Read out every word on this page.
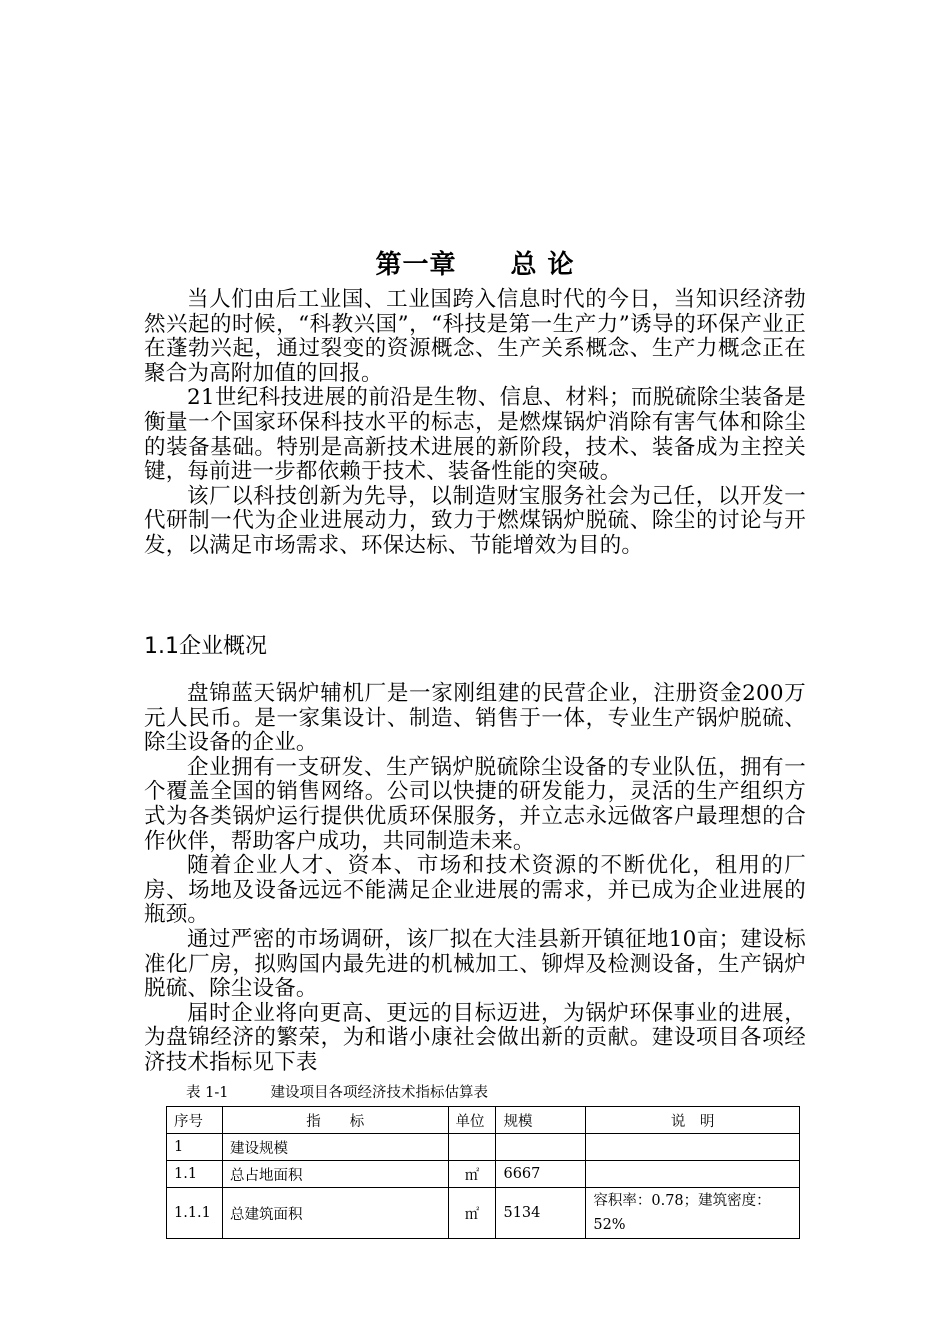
第一章　　总 论

当人们由后工业国、工业国跨入信息时代的今日，当知识经济勃然兴起的时候，“科教兴国”，“科技是第一生产力”诱导的环保产业正在蓬勃兴起，通过裂变的资源概念、生产关系概念、生产力概念正在聚合为高附加值的回报。

21世纪科技进展的前沿是生物、信息、材料；而脱硫除尘装备是衡量一个国家环保科技水平的标志，是燃煤锅炉消除有害气体和除尘的装备基础。特别是高新技术进展的新阶段，技术、装备成为主控关键，每前进一步都依赖于技术、装备性能的突破。

该厂以科技创新为先导，以制造财宝服务社会为己任，以开发一代研制一代为企业进展动力，致力于燃煤锅炉脱硫、除尘的讨论与开发，以满足市场需求、环保达标、节能增效为目的。

1.1企业概况

盘锦蓝天锅炉辅机厂是一家刚组建的民营企业，注册资金200万元人民币。是一家集设计、制造、销售于一体，专业生产锅炉脱硫、除尘设备的企业。

企业拥有一支研发、生产锅炉脱硫除尘设备的专业队伍，拥有一个覆盖全国的销售网络。公司以快捷的研发能力，灵活的生产组织方式为各类锅炉运行提供优质环保服务，并立志永远做客户最理想的合作伙伴，帮助客户成功，共同制造未来。

随着企业人才、资本、市场和技术资源的不断优化，租用的厂房、场地及设备远远不能满足企业进展的需求，并已成为企业进展的瓶颈。

通过严密的市场调研，该厂拟在大洼县新开镇征地10亩；建设标准化厂房，拟购国内最先进的机械加工、铆焊及检测设备，生产锅炉脱硫、除尘设备。

届时企业将向更高、更远的目标迈进，为锅炉环保事业的进展，为盘锦经济的繁荣，为和谐小康社会做出新的贡献。建设项目各项经济技术指标见下表

表 1-1	建设项目各项经济技术指标估算表
序号	指　　标	单位	规模	说　明
1	建设规模			
1.1	总占地面积	㎡	6667	
1.1.1	总建筑面积	㎡	5134	容积率：0.78；建筑密度：52%
